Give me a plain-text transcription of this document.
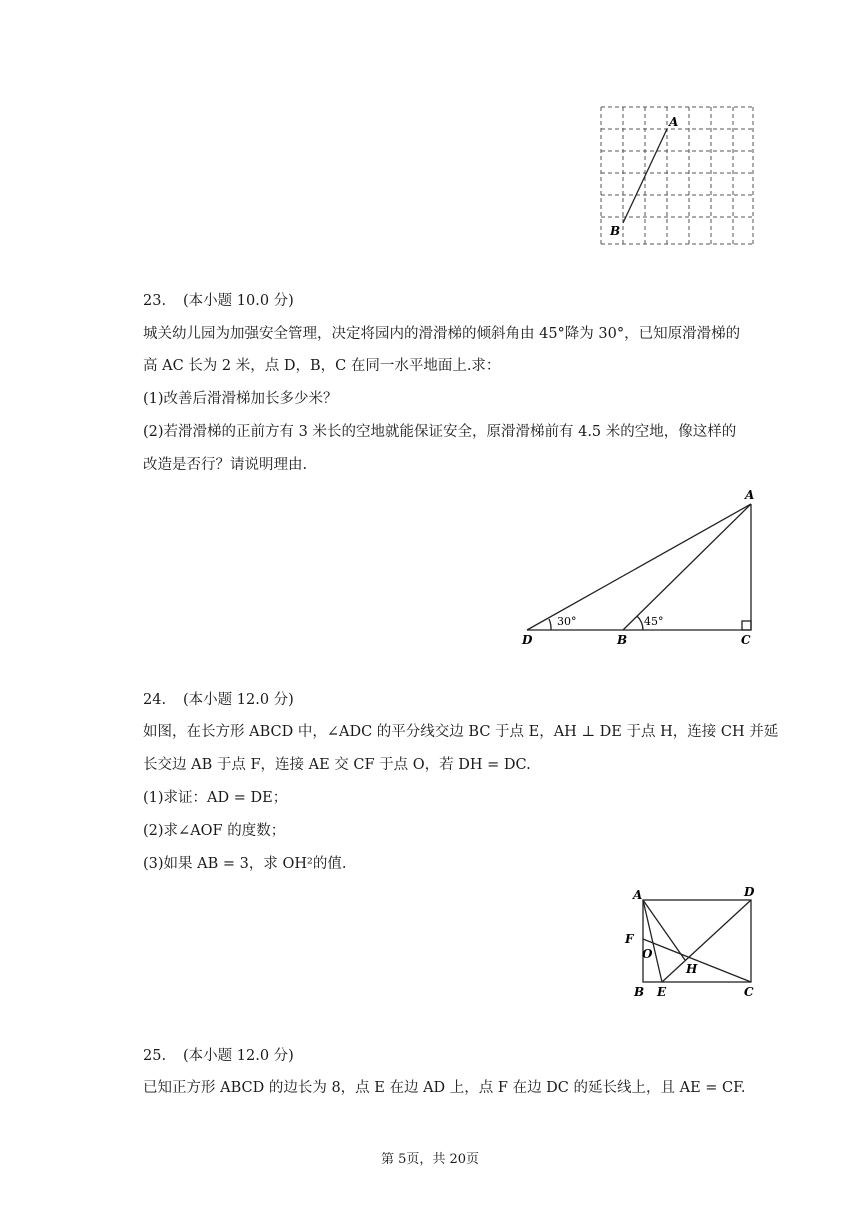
A
B
23. (本小题 10.0 分)
城关幼儿园为加强安全管理，决定将园内的滑滑梯的倾斜角由 45°降为 30°，已知原滑滑梯的
高 AC 长为 2 米，点 D，B，C 在同一水平地面上.求：
(1)改善后滑滑梯加长多少米？
(2)若滑滑梯的正前方有 3 米长的空地就能保证安全，原滑滑梯前有 4.5 米的空地，像这样的
改造是否行？请说明理由.
A
D	B	C
30°	45°
24. (本小题 12.0 分)
如图，在长方形 ABCD 中，∠ADC 的平分线交边 BC 于点 E，AH ⊥ DE 于点 H，连接 CH 并延
长交边 AB 于点 F，连接 AE 交 CF 于点 O，若 DH = DC.
(1)求证：AD = DE；
(2)求∠AOF 的度数；
(3)如果 AB = 3，求 OH²的值.
A	D
F
O
H
B E	C
25. (本小题 12.0 分)
已知正方形 ABCD 的边长为 8，点 E 在边 AD 上，点 F 在边 DC 的延长线上，且 AE = CF.
第 5页，共 20页
